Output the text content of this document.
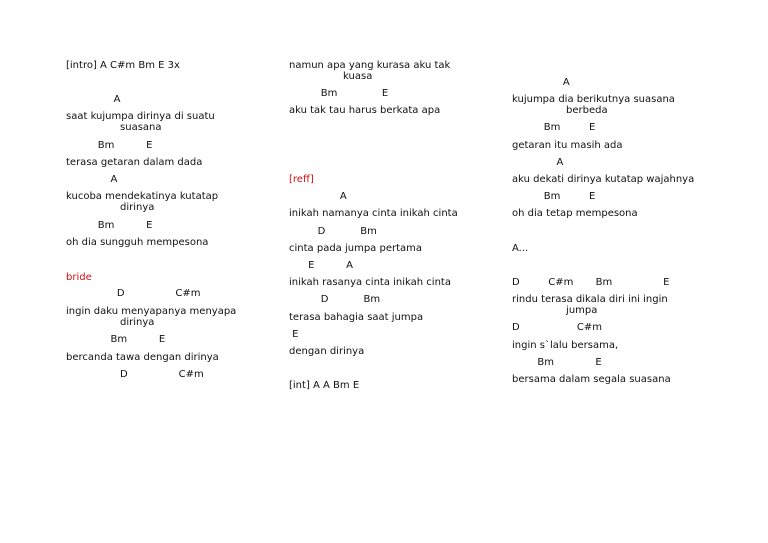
[intro] A C#m Bm E 3x
A
saat kujumpa dirinya di suatu
suasana
Bm          E
terasa getaran dalam dada
A
kucoba mendekatinya kutatap
dirinya
Bm          E
oh dia sungguh mempesona
bride
D                C#m
ingin daku menyapanya menyapa
dirinya
Bm          E
bercanda tawa dengan dirinya
D                C#m
namun apa yang kurasa aku tak
kuasa
Bm              E
aku tak tau harus berkata apa
[reff]
A
inikah namanya cinta inikah cinta
D           Bm
cinta pada jumpa pertama
E          A
inikah rasanya cinta inikah cinta
D           Bm
terasa bahagia saat jumpa
E
dengan dirinya
[int] A A Bm E
A
kujumpa dia berikutnya suasana
berbeda
Bm         E
getaran itu masih ada
A
aku dekati dirinya kutatap wajahnya
Bm         E
oh dia tetap mempesona
A...
D         C#m       Bm                E
rindu terasa dikala diri ini ingin
jumpa
D                  C#m
ingin s`lalu bersama,
Bm             E
bersama dalam segala suasana
